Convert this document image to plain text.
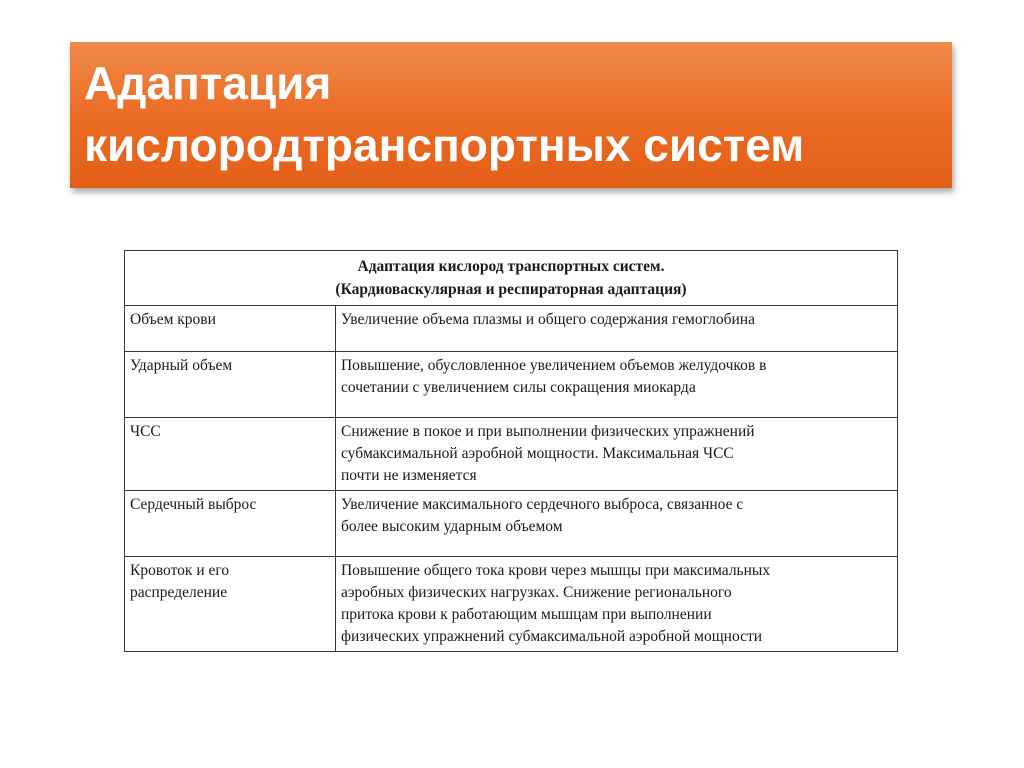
Адаптация
кислородтранспортных систем
Адаптация кислород транспортных систем.
(Кардиоваскулярная и респираторная адаптация)	

Объем крови	Увеличение объема плазмы и общего содержания гемоглобина

Ударный объем	Повышение, обусловленное увеличением объемов желудочков в
сочетании с увеличением силы сокращения миокарда

ЧСС	Снижение в покое и при выполнении физических упражнений
субмаксимальной аэробной мощности. Максимальная ЧСС
почти не изменяется

Сердечный выброс	Увеличение максимального сердечного выброса, связанное с
более высоким ударным объемом

Кровоток и его
распределение	Повышение общего тока крови через мышцы при максимальных
аэробных физических нагрузках. Снижение регионального
притока крови к работающим мышцам при выполнении
физических упражнений субмаксимальной аэробной мощности
